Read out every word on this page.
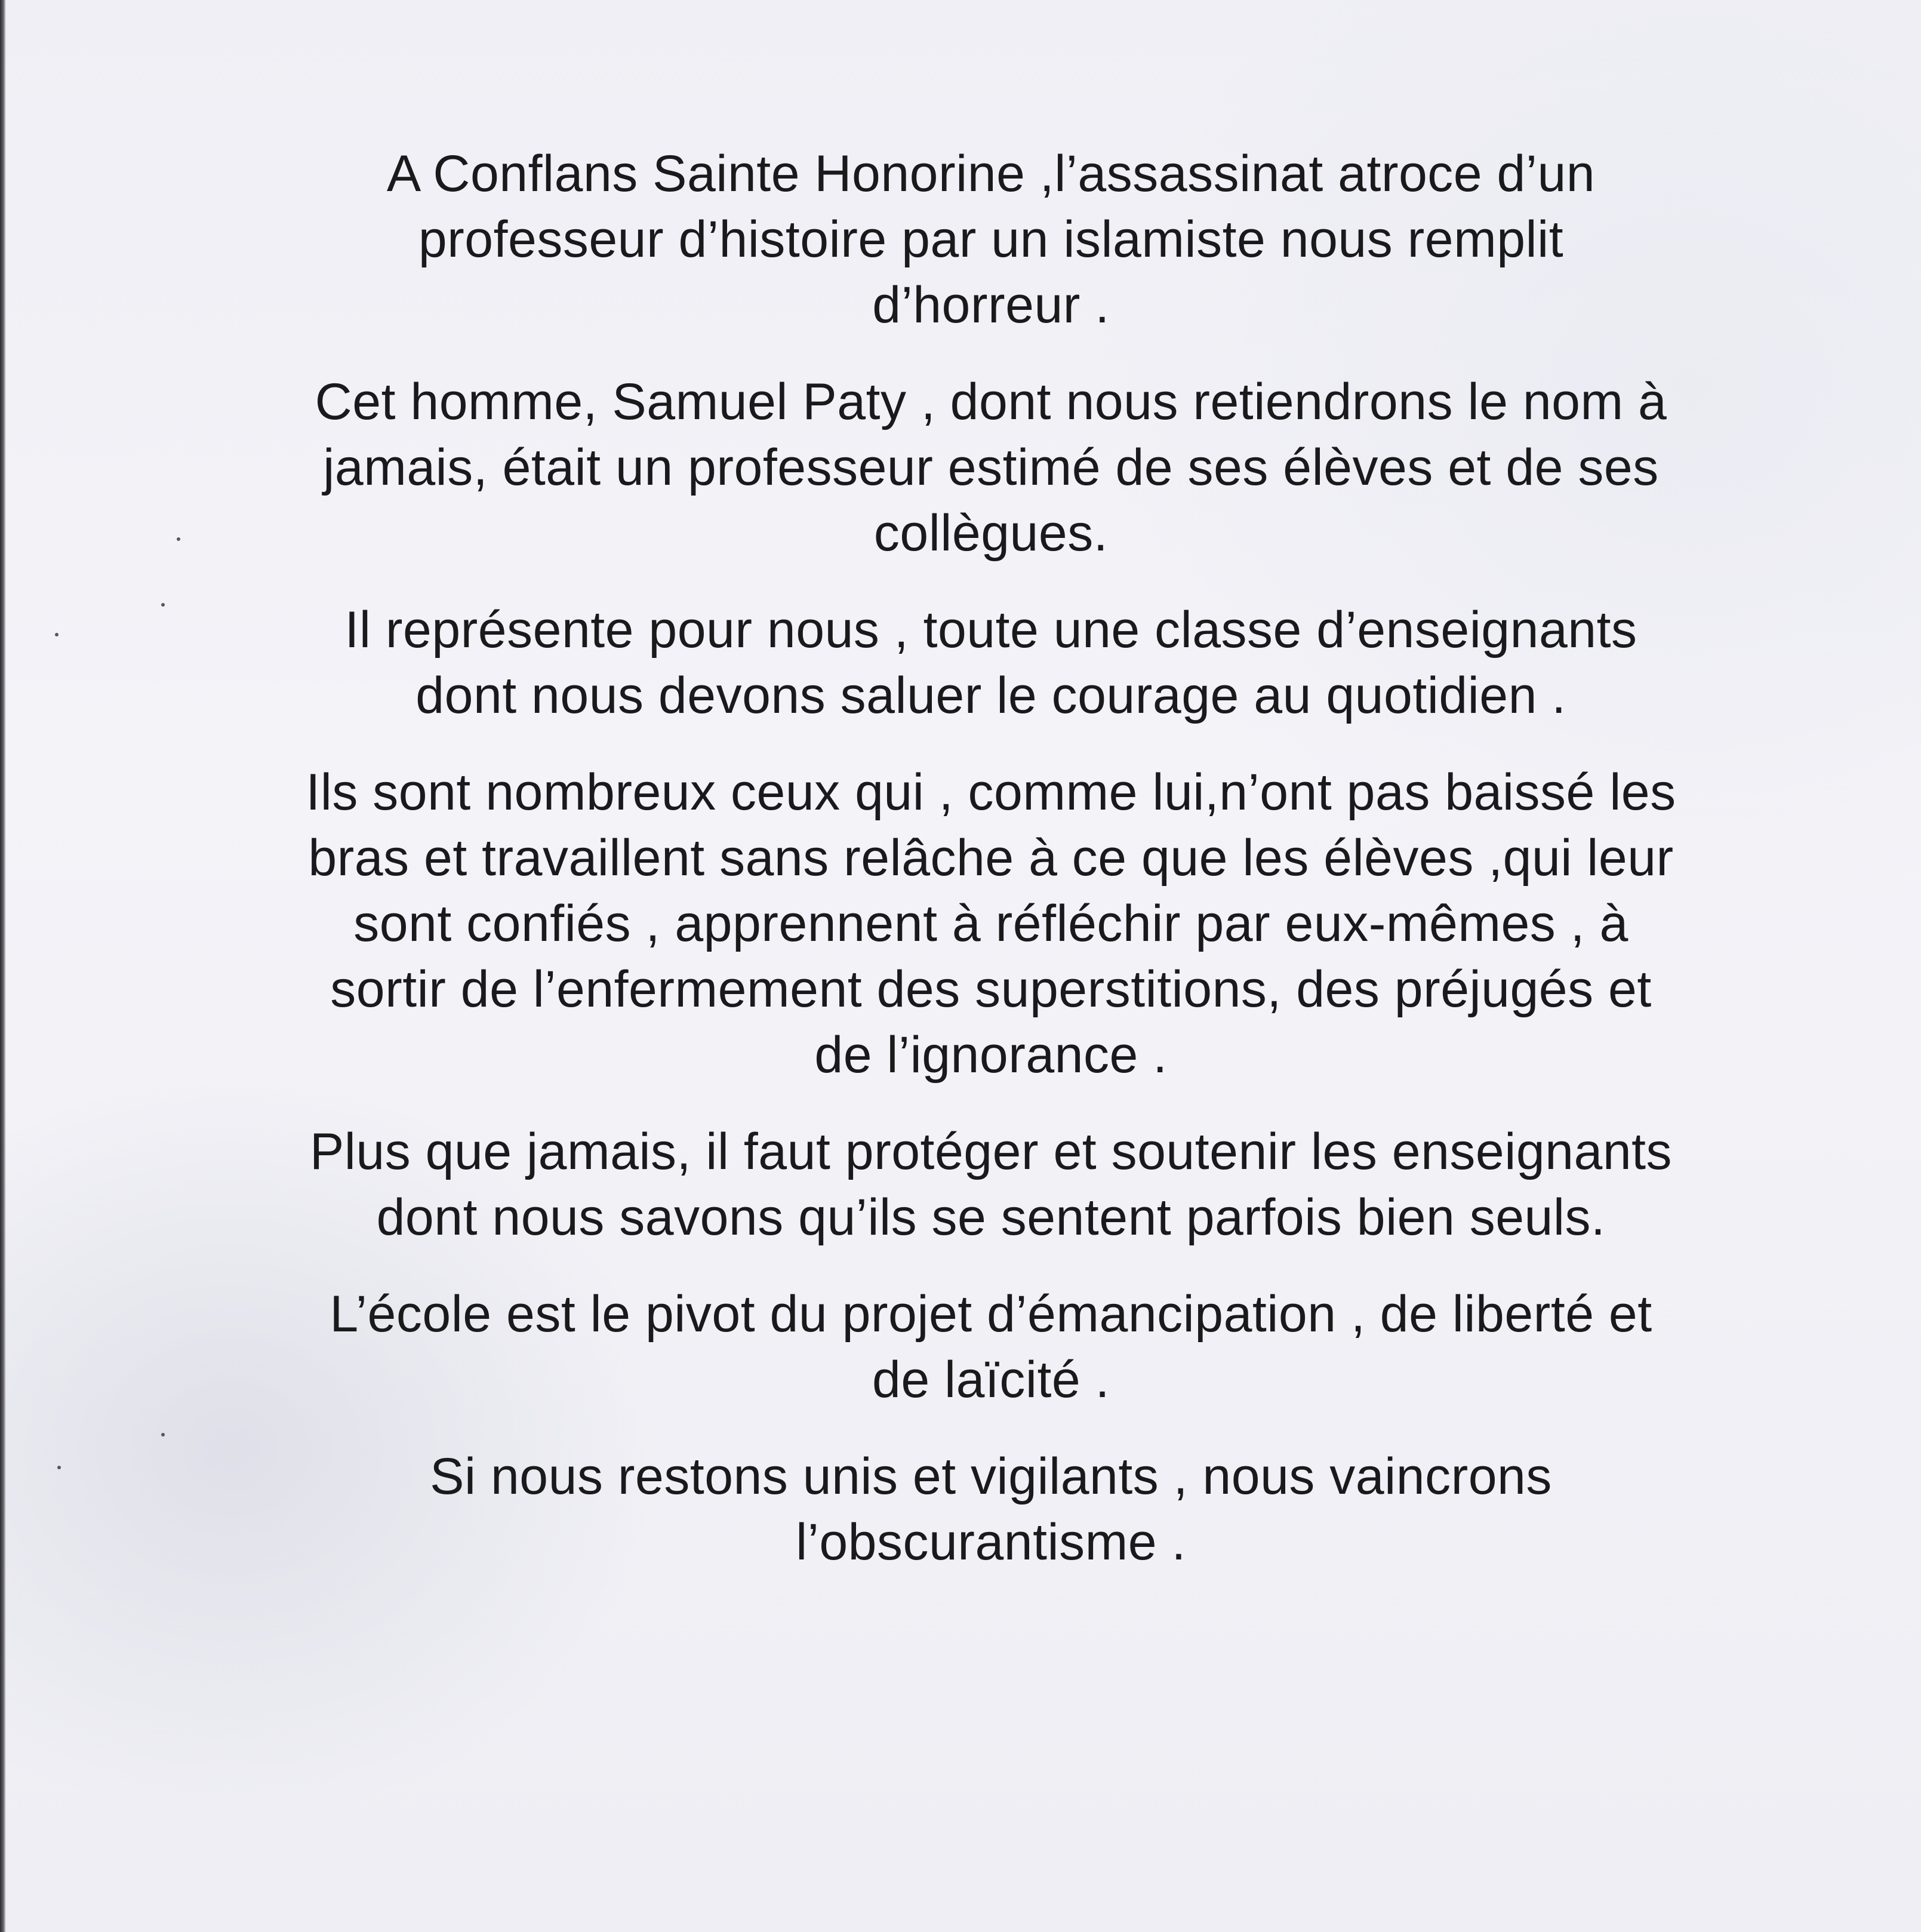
A Conflans Sainte Honorine ,l’assassinat atroce d’un
professeur d’histoire par un islamiste nous remplit
d’horreur .

Cet homme, Samuel Paty , dont nous retiendrons le nom à
jamais, était un professeur estimé de ses élèves et de ses
collègues.

Il représente pour nous , toute une classe d’enseignants
dont nous devons saluer le courage au quotidien .

Ils sont nombreux ceux qui , comme lui,n’ont pas baissé les
bras et travaillent sans relâche à ce que les élèves ,qui leur
sont confiés , apprennent à réfléchir par eux-mêmes , à
sortir de l’enfermement des superstitions, des préjugés et
de l’ignorance .

Plus que jamais, il faut protéger et soutenir les enseignants
dont nous savons qu’ils se sentent parfois bien seuls.

L’école est le pivot du projet d’émancipation , de liberté et
de laïcité .

Si nous restons unis et vigilants , nous vaincrons
l’obscurantisme .
